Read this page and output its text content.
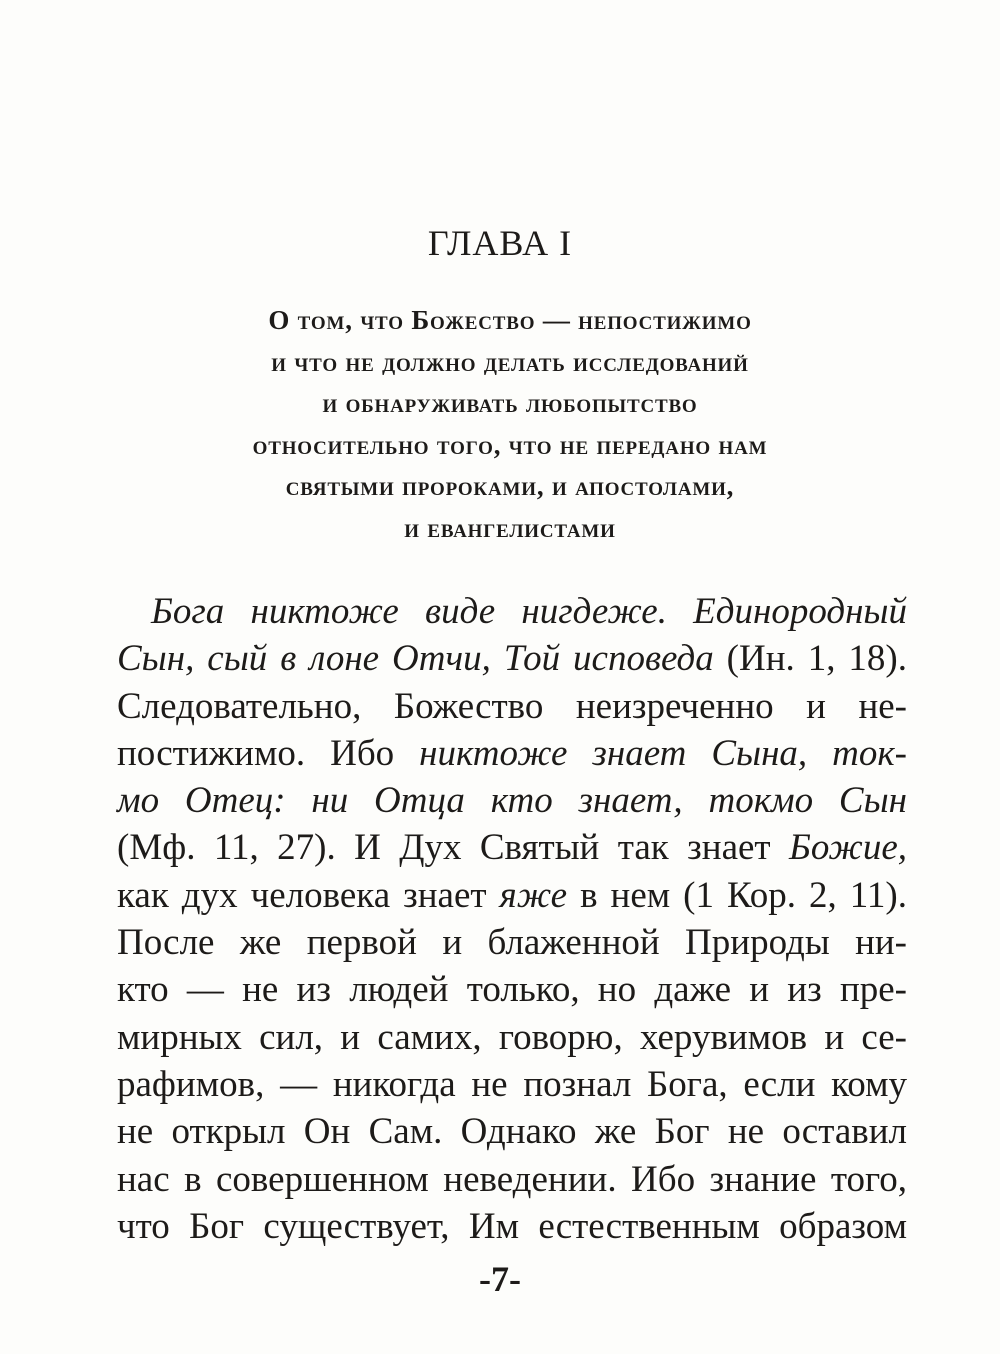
ГЛАВА I
О том, что Божество — непостижимо
и что не должно делать исследований
и обнаруживать любопытство
относительно того, что не передано нам
святыми пророками, и апостолами,
и евангелистами
Бога никтоже виде нигдеже. Единородный
Сын, сый в лоне Отчи, Той исповеда (Ин. 1, 18).
Следовательно, Божество неизреченно и не-
постижимо. Ибо никтоже знает Сына, ток-
мо Отец: ни Отца кто знает, токмо Сын
(Мф. 11, 27). И Дух Святый так знает Божие,
как дух человека знает яже в нем (1 Кор. 2, 11).
После же первой и блаженной Природы ни-
кто — не из людей только, но даже и из пре-
мирных сил, и самих, говорю, херувимов и се-
рафимов, — никогда не познал Бога, если кому
не открыл Он Сам. Однако же Бог не оставил
нас в совершенном неведении. Ибо знание того,
что Бог существует, Им естественным образом
-7-
